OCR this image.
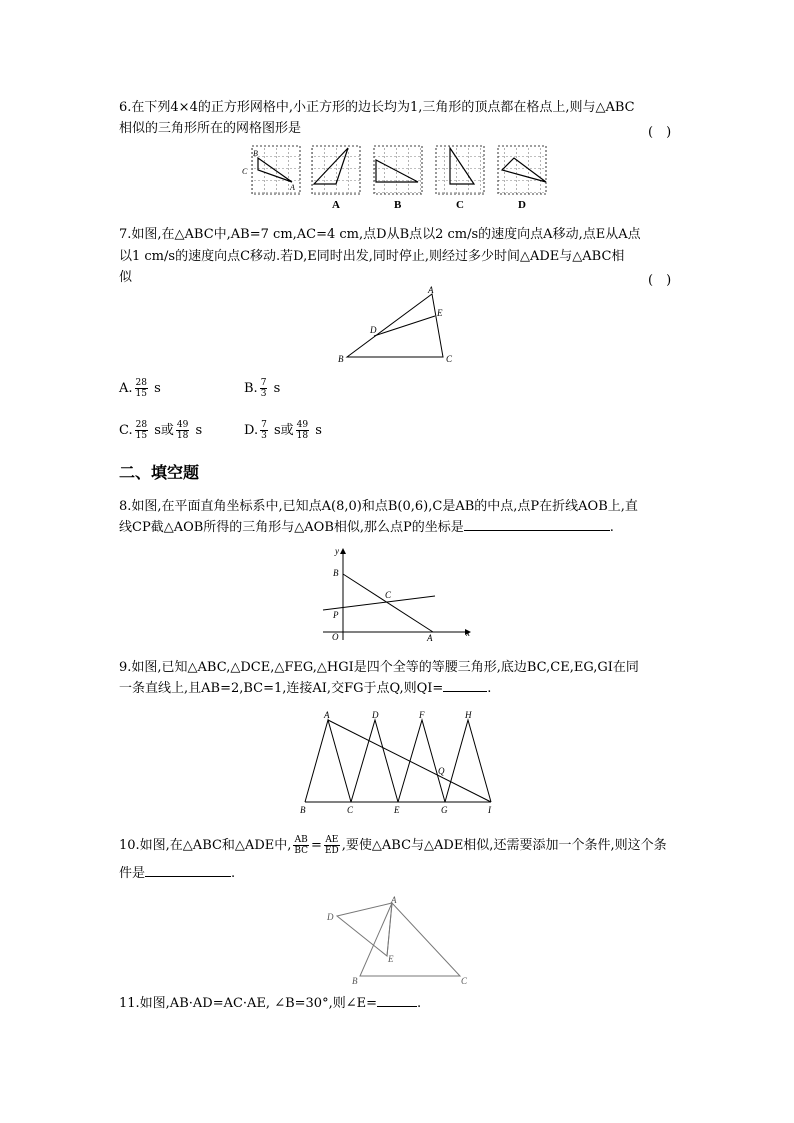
6.在下列4×4的正方形网格中,小正方形的边长均为1,三角形的顶点都在格点上,则与△ABC
相似的三角形所在的网格图形是	(　)
B
C
A
A	B	C	D
7.如图,在△ABC中,AB=7 cm,AC=4 cm,点D从B点以2 cm/s的速度向点A移动,点E从A点
以1 cm/s的速度向点C移动.若D,E同时出发,同时停止,则经过多少时间△ADE与△ABC相
似	(　)
A
B	C
D
E
A. $\frac{28}{15}$ s	B. $\frac{7}{3}$ s
C. $\frac{28}{15}$ s或 $\frac{49}{18}$ s	D. $\frac{7}{3}$ s或 $\frac{49}{18}$ s
二、填空题
8.如图,在平面直角坐标系中,已知点A(8,0)和点B(0,6),C是AB的中点,点P在折线AOB上,直
线CP截△AOB所得的三角形与△AOB相似,那么点P的坐标是	.
y
x
O	A
B
C
P
9.如图,已知△ABC,△DCE,△FEG,△HGI是四个全等的等腰三角形,底边BC,CE,EG,GI在同
一条直线上,且AB=2,BC=1,连接AI,交FG于点Q,则QI=	.
A	D	F	H
B	C	E	G	I
Q
10.如图,在△ABC和△ADE中, $\frac{AB}{BC} = \frac{AE}{ED}$ ,要使△ABC与△ADE相似,还需要添加一个条件,则这个条
件是	.
A
B	C
D
E
11.如图,AB·AD=AC·AE, ∠B=30°,则∠E=	.
